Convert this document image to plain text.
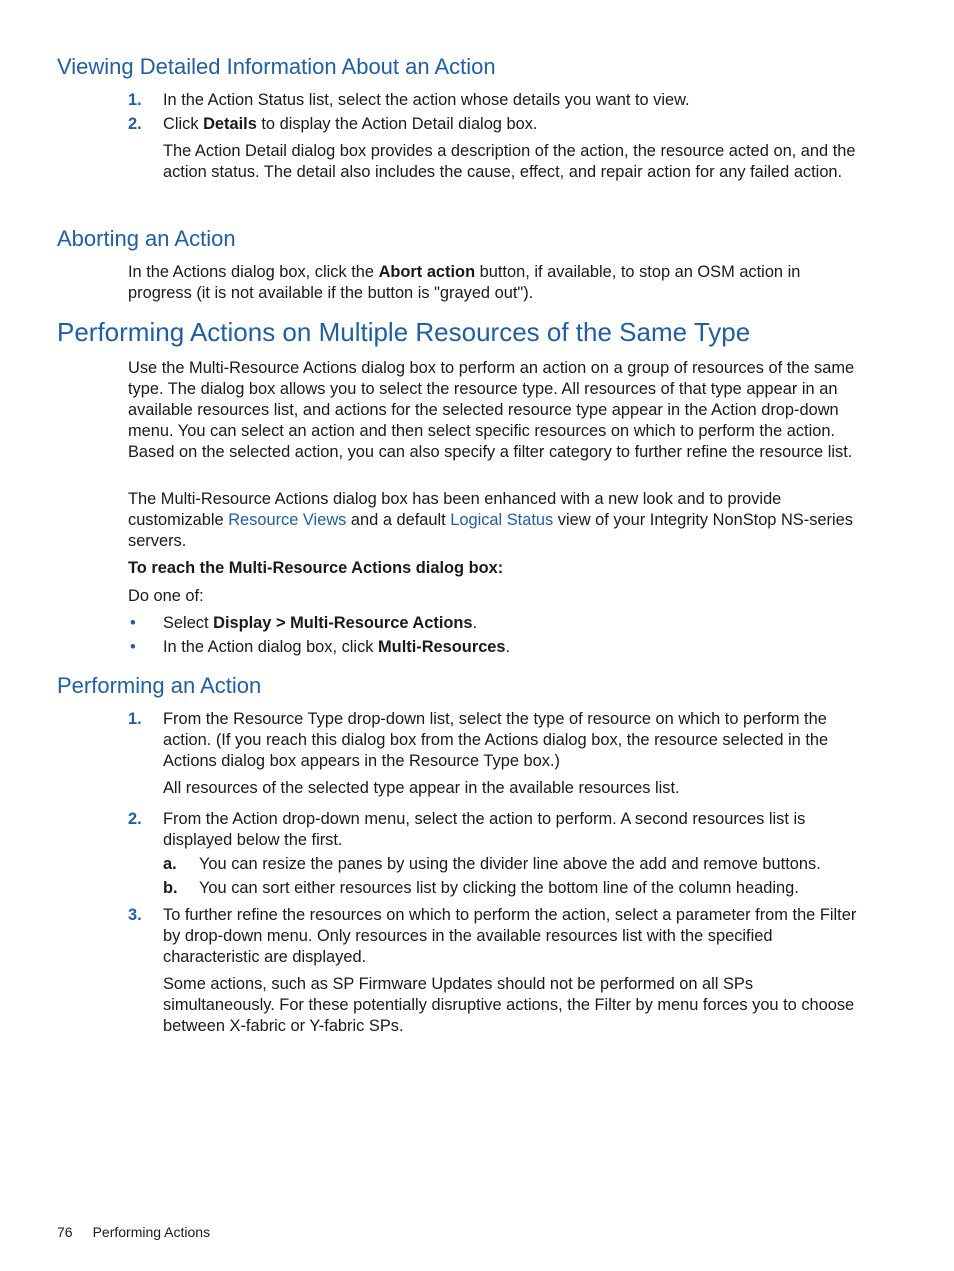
Viewing Detailed Information About an Action

1. In the Action Status list, select the action whose details you want to view.

2. Click Details to display the Action Detail dialog box.

The Action Detail dialog box provides a description of the action, the resource acted on, and the action status. The detail also includes the cause, effect, and repair action for any failed action.

Aborting an Action

In the Actions dialog box, click the Abort action button, if available, to stop an OSM action in progress (it is not available if the button is "grayed out").

Performing Actions on Multiple Resources of the Same Type

Use the Multi-Resource Actions dialog box to perform an action on a group of resources of the same type. The dialog box allows you to select the resource type. All resources of that type appear in an available resources list, and actions for the selected resource type appear in the Action drop-down menu. You can select an action and then select specific resources on which to perform the action. Based on the selected action, you can also specify a filter category to further refine the resource list.

The Multi-Resource Actions dialog box has been enhanced with a new look and to provide customizable Resource Views and a default Logical Status view of your Integrity NonStop NS-series servers.

To reach the Multi-Resource Actions dialog box:

Do one of:

• Select Display > Multi-Resource Actions.

• In the Action dialog box, click Multi-Resources.

Performing an Action

1. From the Resource Type drop-down list, select the type of resource on which to perform the action. (If you reach this dialog box from the Actions dialog box, the resource selected in the Actions dialog box appears in the Resource Type box.)

All resources of the selected type appear in the available resources list.

2. From the Action drop-down menu, select the action to perform. A second resources list is displayed below the first.

a. You can resize the panes by using the divider line above the add and remove buttons.

b. You can sort either resources list by clicking the bottom line of the column heading.

3. To further refine the resources on which to perform the action, select a parameter from the Filter by drop-down menu. Only resources in the available resources list with the specified characteristic are displayed.

Some actions, such as SP Firmware Updates should not be performed on all SPs simultaneously. For these potentially disruptive actions, the Filter by menu forces you to choose between X-fabric or Y-fabric SPs.

76 Performing Actions
